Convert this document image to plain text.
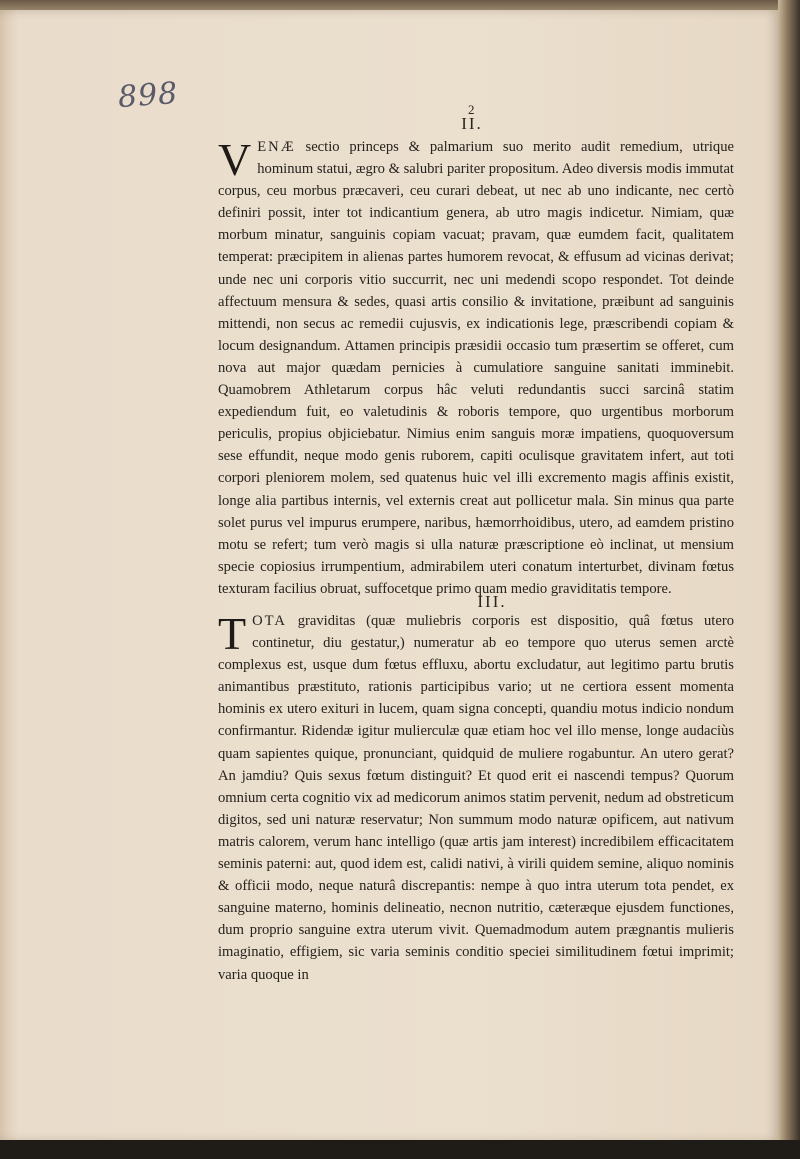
898	2
II.

V ENÆ sectio princeps & palmarium suo merito audit remedium, utrique hominum statui, ægro & salubri pariter propositum. Adeo diversis modis immutat corpus, ceu morbus præcaveri, ceu curari debeat, ut nec ab uno indicante, nec certò definiri possit, inter tot indicantium genera, ab utro magis indicetur. Nimiam, quæ morbum minatur, sanguinis copiam vacuat; pravam, quæ eumdem facit, qualitatem temperat: præcipitem in alienas partes humorem revocat, & effusum ad vicinas derivat; unde nec uni corporis vitio succurrit, nec uni medendi scopo respondet. Tot deinde affectuum mensura & sedes, quasi artis consilio & invitatione, præibunt ad sanguinis mittendi, non secus ac remedii cujusvis, ex indicationis lege, præscribendi copiam & locum designandum. Attamen principis præsidii occasio tum præsertim se offeret, cum nova aut major quædam pernicies à cumulatiore sanguine sanitati imminebit. Quamobrem Athletarum corpus hâc veluti redundantis succi sarcinâ statim expediendum fuit, eo valetudinis & roboris tempore, quo urgentibus morborum periculis, propius objiciebatur. Nimius enim sanguis moræ impatiens, quoquoversum sese effundit, neque modo genis ruborem, capiti oculisque gravitatem infert, aut toti corpori pleniorem molem, sed quatenus huic vel illi excremento magis affinis existit, longe alia partibus internis, vel externis creat aut pollicetur mala. Sin minus qua parte solet purus vel impurus erumpere, naribus, hæmorrhoidibus, utero, ad eamdem pristino motu se refert; tum verò magis si ulla naturæ præscriptione eò inclinat, ut mensium specie copiosius irrumpentium, admirabilem uteri conatum interturbet, divinam fœtus texturam facilius obruat, suffocetque primo quam medio graviditatis tempore.

III.

T OTA graviditas (quæ muliebris corporis est dispositio, quâ fœtus utero continetur, diu gestatur,) numeratur ab eo tempore quo uterus semen arctè complexus est, usque dum fœtus effluxu, abortu excludatur, aut legitimo partu brutis animantibus præstituto, rationis participibus vario; ut ne certiora essent momenta hominis ex utero exituri in lucem, quam signa concepti, quandiu motus indicio nondum confirmantur. Ridendæ igitur mulierculæ quæ etiam hoc vel illo mense, longe audaciùs quam sapientes quique, pronunciant, quidquid de muliere rogabuntur. An utero gerat? An jamdiu? Quis sexus fœtum distinguit? Et quod erit ei nascendi tempus? Quorum omnium certa cognitio vix ad medicorum animos statim pervenit, nedum ad obstreticum digitos, sed uni naturæ reservatur; Non summum modo naturæ opificem, aut nativum matris calorem, verum hanc intelligo (quæ artis jam interest) incredibilem efficacitatem seminis paterni: aut, quod idem est, calidi nativi, à virili quidem semine, aliquo nominis & officii modo, neque naturâ discrepantis: nempe à quo intra uterum tota pendet, ex sanguine materno, hominis delineatio, necnon nutritio, cæteræque ejusdem functiones, dum proprio sanguine extra uterum vivit. Quemadmodum autem prægnantis mulieris imaginatio, effigiem, sic varia seminis conditio speciei similitudinem fœtui imprimit; varia quoque in
